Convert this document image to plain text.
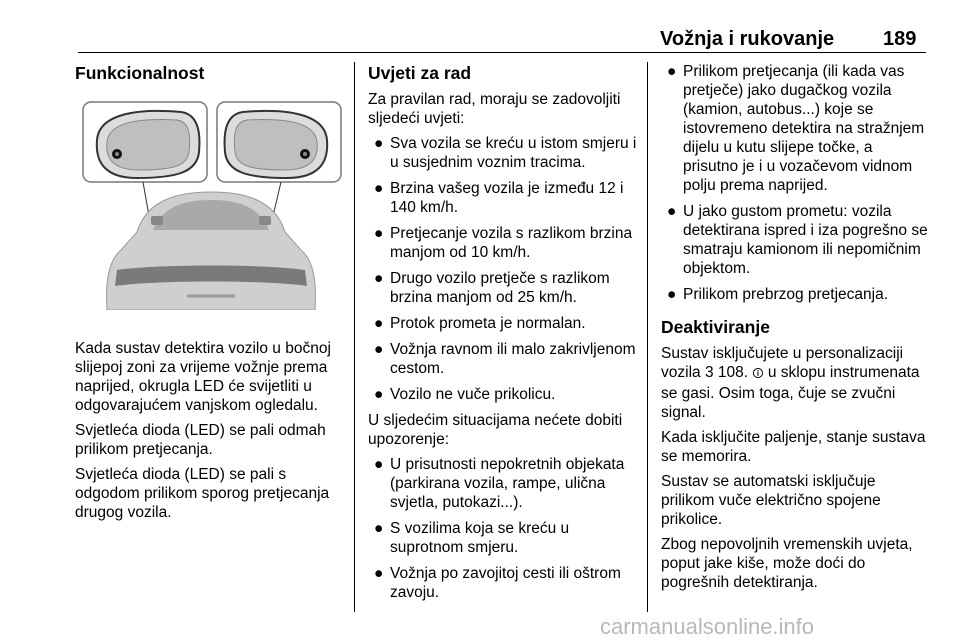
Vožnja i rukovanje 189
Funkcionalnost

Kada sustav detektira vozilo u bočnoj slijepoj zoni za vrijeme vožnje prema naprijed, okrugla LED će svijetliti u odgovarajućem vanjskom ogledalu.

Svjetleća dioda (LED) se pali odmah prilikom pretjecanja.

Svjetleća dioda (LED) se pali s odgodom prilikom sporog pretjecanja drugog vozila.

Uvjeti za rad

Za pravilan rad, moraju se zadovoljiti sljedeći uvjeti:

● Sva vozila se kreću u istom smjeru i u susjednim voznim tracima.
● Brzina vašeg vozila je između 12 i 140 km/h.
● Pretjecanje vozila s razlikom brzina manjom od 10 km/h.
● Drugo vozilo pretječe s razlikom brzina manjom od 25 km/h.
● Protok prometa je normalan.
● Vožnja ravnom ili malo zakrivljenom cestom.
● Vozilo ne vuče prikolicu.

U sljedećim situacijama nećete dobiti upozorenje:

● U prisutnosti nepokretnih objekata (parkirana vozila, rampe, ulična svjetla, putokazi...).
● S vozilima koja se kreću u suprotnom smjeru.
● Vožnja po zavojitoj cesti ili oštrom zavoju.
● Prilikom pretjecanja (ili kada vas pretječe) jako dugačkog vozila (kamion, autobus...) koje se istovremeno detektira na stražnjem dijelu u kutu slijepe točke, a prisutno je i u vozačevom vidnom polju prema naprijed.
● U jako gustom prometu: vozila detektirana ispred i iza pogrešno se smatraju kamionom ili nepomičnim objektom.
● Prilikom prebrzog pretjecanja.
Deaktiviranje

Sustav isključujete u personalizaciji vozila 3 108. 🛈 u sklopu instrumenata se gasi. Osim toga, čuje se zvučni signal.

Kada isključite paljenje, stanje sustava se memorira.

Sustav se automatski isključuje prilikom vuče električno spojene prikolice.

Zbog nepovoljnih vremenskih uvjeta, poput jake kiše, može doći do pogrešnih detektiranja.

carmanualsonline.info
